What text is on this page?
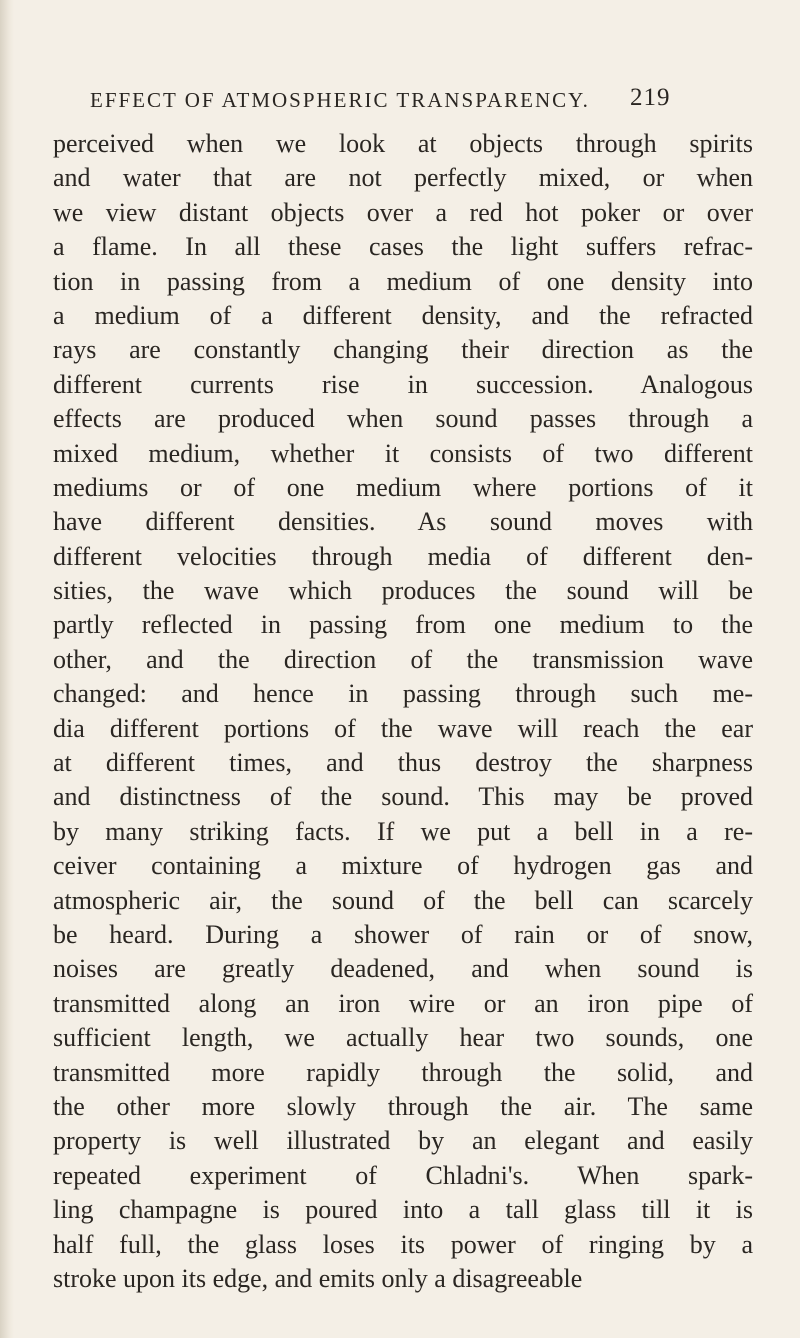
EFFECT OF ATMOSPHERIC TRANSPARENCY. 219
perceived when we look at objects through spirits
and water that are not perfectly mixed, or when
we view distant objects over a red hot poker or over
a flame. In all these cases the light suffers refrac-
tion in passing from a medium of one density into
a medium of a different density, and the refracted
rays are constantly changing their direction as the
different currents rise in succession. Analogous
effects are produced when sound passes through a
mixed medium, whether it consists of two different
mediums or of one medium where portions of it
have different densities. As sound moves with
different velocities through media of different den-
sities, the wave which produces the sound will be
partly reflected in passing from one medium to the
other, and the direction of the transmission wave
changed: and hence in passing through such me-
dia different portions of the wave will reach the ear
at different times, and thus destroy the sharpness
and distinctness of the sound. This may be proved
by many striking facts. If we put a bell in a re-
ceiver containing a mixture of hydrogen gas and
atmospheric air, the sound of the bell can scarcely
be heard. During a shower of rain or of snow,
noises are greatly deadened, and when sound is
transmitted along an iron wire or an iron pipe of
sufficient length, we actually hear two sounds, one
transmitted more rapidly through the solid, and
the other more slowly through the air. The same
property is well illustrated by an elegant and easily
repeated experiment of Chladni's. When spark-
ling champagne is poured into a tall glass till it is
half full, the glass loses its power of ringing by a
stroke upon its edge, and emits only a disagreeable
